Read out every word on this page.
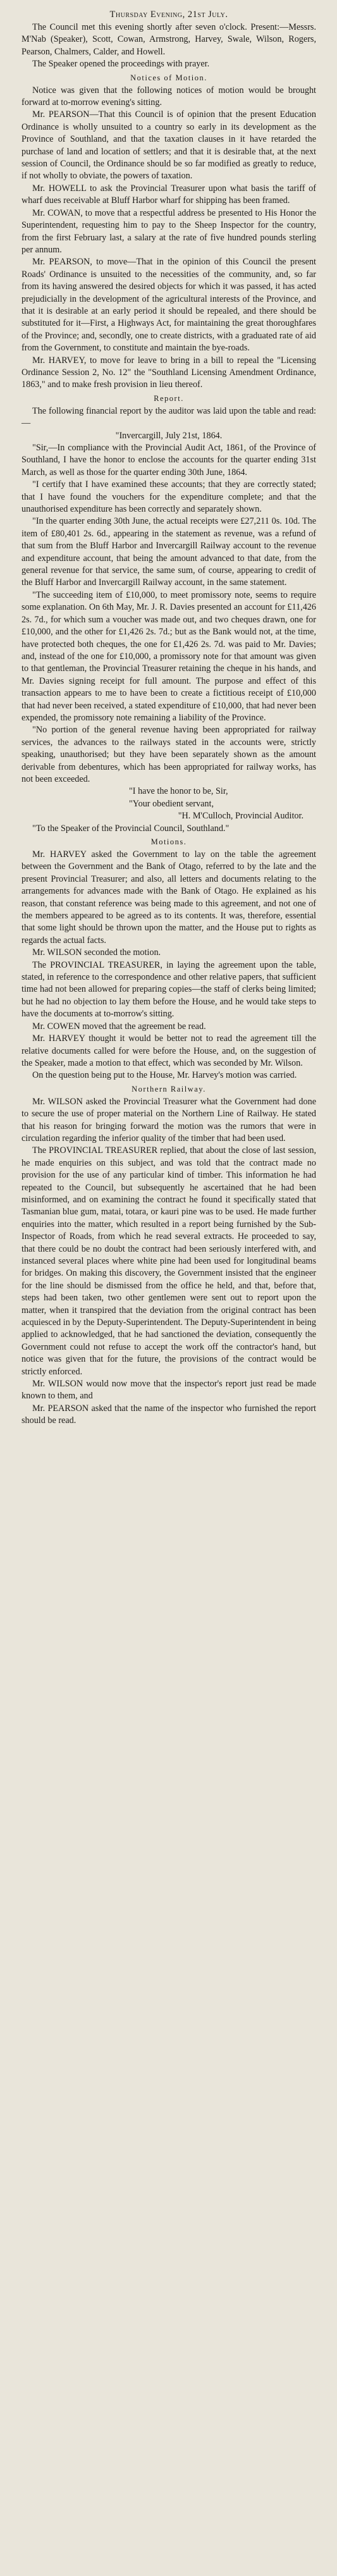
Thursday Evening, 21st July.

The Council met this evening shortly after seven o'clock. Present:—Messrs. M'Nab (Speaker), Scott, Cowan, Armstrong, Harvey, Swale, Wilson, Rogers, Pearson, Chalmers, Calder, and Howell.

The Speaker opened the proceedings with prayer.

Notices of Motion.

Notice was given that the following notices of motion would be brought forward at to-morrow evening's sitting.

Mr. PEARSON—That this Council is of opinion that the present Education Ordinance is wholly unsuited to a country so early in its development as the Province of Southland, and that the taxation clauses in it have retarded the purchase of land and location of settlers; and that it is desirable that, at the next session of Council, the Ordinance should be so far modified as greatly to reduce, if not wholly to obviate, the powers of taxation.

Mr. HOWELL to ask the Provincial Treasurer upon what basis the tariff of wharf dues receivable at Bluff Harbor wharf for shipping has been framed.

Mr. COWAN, to move that a respectful address be presented to His Honor the Superintendent, requesting him to pay to the Sheep Inspector for the country, from the first February last, a salary at the rate of five hundred pounds sterling per annum.

Mr. PEARSON, to move—That in the opinion of this Council the present Roads' Ordinance is unsuited to the necessities of the community, and, so far from its having answered the desired objects for which it was passed, it has acted prejudicially in the development of the agricultural interests of the Province, and that it is desirable at an early period it should be repealed, and there should be substituted for it—First, a Highways Act, for maintaining the great thoroughfares of the Province; and, secondly, one to create districts, with a graduated rate of aid from the Government, to constitute and maintain the bye-roads.

Mr. HARVEY, to move for leave to bring in a bill to repeal the "Licensing Ordinance Session 2, No. 12" the "Southland Licensing Amendment Ordinance, 1863," and to make fresh provision in lieu thereof.

Report.

The following financial report by the auditor was laid upon the table and read:—

"Invercargill, July 21st, 1864.

"Sir,—In compliance with the Provincial Audit Act, 1861, of the Province of Southland, I have the honor to enclose the accounts for the quarter ending 31st March, as well as those for the quarter ending 30th June, 1864.

"I certify that I have examined these accounts; that they are correctly stated; that I have found the vouchers for the expenditure complete; and that the unauthorised expenditure has been correctly and separately shown.

"In the quarter ending 30th June, the actual receipts were £27,211 0s. 10d. The item of £80,401 2s. 6d., appearing in the statement as revenue, was a refund of that sum from the Bluff Harbor and Invercargill Railway account to the revenue and expenditure account, that being the amount advanced to that date, from the general revenue for that service, the same sum, of course, appearing to credit of the Bluff Harbor and Invercargill Railway account, in the same statement.

"The succeeding item of £10,000, to meet promissory note, seems to require some explanation. On 6th May, Mr. J. R. Davies presented an account for £11,426 2s. 7d., for which sum a voucher was made out, and two cheques drawn, one for £10,000, and the other for £1,426 2s. 7d.; but as the Bank would not, at the time, have protected both cheques, the one for £1,426 2s. 7d. was paid to Mr. Davies; and, instead of the one for £10,000, a promissory note for that amount was given to that gentleman, the Provincial Treasurer retaining the cheque in his hands, and Mr. Davies signing receipt for full amount. The purpose and effect of this transaction appears to me to have been to create a fictitious receipt of £10,000 that had never been received, a stated expenditure of £10,000, that had never been expended, the promissory note remaining a liability of the Province.

"No portion of the general revenue having been appropriated for railway services, the advances to the railways stated in the accounts were, strictly speaking, unauthorised; but they have been separately shown as the amount derivable from debentures, which has been appropriated for railway works, has not been exceeded.

"I have the honor to be, Sir,

"Your obedient servant,

"H. M'Culloch, Provincial Auditor.

"To the Speaker of the Provincial Council, Southland."

Motions.

Mr. HARVEY asked the Government to lay on the table the agreement between the Government and the Bank of Otago, referred to by the late and the present Provincial Treasurer; and also, all letters and documents relating to the arrangements for advances made with the Bank of Otago. He explained as his reason, that constant reference was being made to this agreement, and not one of the members appeared to be agreed as to its contents. It was, therefore, essential that some light should be thrown upon the matter, and the House put to rights as regards the actual facts.

Mr. WILSON seconded the motion.

The PROVINCIAL TREASURER, in laying the agreement upon the table, stated, in reference to the correspondence and other relative papers, that sufficient time had not been allowed for preparing copies—the staff of clerks being limited; but he had no objection to lay them before the House, and he would take steps to have the documents at to-morrow's sitting.

Mr. COWEN moved that the agreement be read.

Mr. HARVEY thought it would be better not to read the agreement till the relative documents called for were before the House, and, on the suggestion of the Speaker, made a motion to that effect, which was seconded by Mr. Wilson.

On the question being put to the House, Mr. Harvey's motion was carried.

Northern Railway.

Mr. WILSON asked the Provincial Treasurer what the Government had done to secure the use of proper material on the Northern Line of Railway. He stated that his reason for bringing forward the motion was the rumors that were in circulation regarding the inferior quality of the timber that had been used.

The PROVINCIAL TREASURER replied, that about the close of last session, he made enquiries on this subject, and was told that the contract made no provision for the use of any particular kind of timber. This information he had repeated to the Council, but subsequently he ascertained that he had been misinformed, and on examining the contract he found it specifically stated that Tasmanian blue gum, matai, totara, or kauri pine was to be used. He made further enquiries into the matter, which resulted in a report being furnished by the Sub-Inspector of Roads, from which he read several extracts. He proceeded to say, that there could be no doubt the contract had been seriously interfered with, and instanced several places where white pine had been used for longitudinal beams for bridges. On making this discovery, the Government insisted that the engineer for the line should be dismissed from the office he held, and that, before that, steps had been taken, two other gentlemen were sent out to report upon the matter, when it transpired that the deviation from the original contract has been acquiesced in by the Deputy-Superintendent. The Deputy-Superintendent in being applied to acknowledged, that he had sanctioned the deviation, consequently the Government could not refuse to accept the work off the contractor's hand, but notice was given that for the future, the provisions of the contract would be strictly enforced.

Mr. WILSON would now move that the inspector's report just read be made known to them, and

Mr. PEARSON asked that the name of the inspector who furnished the report should be read.
